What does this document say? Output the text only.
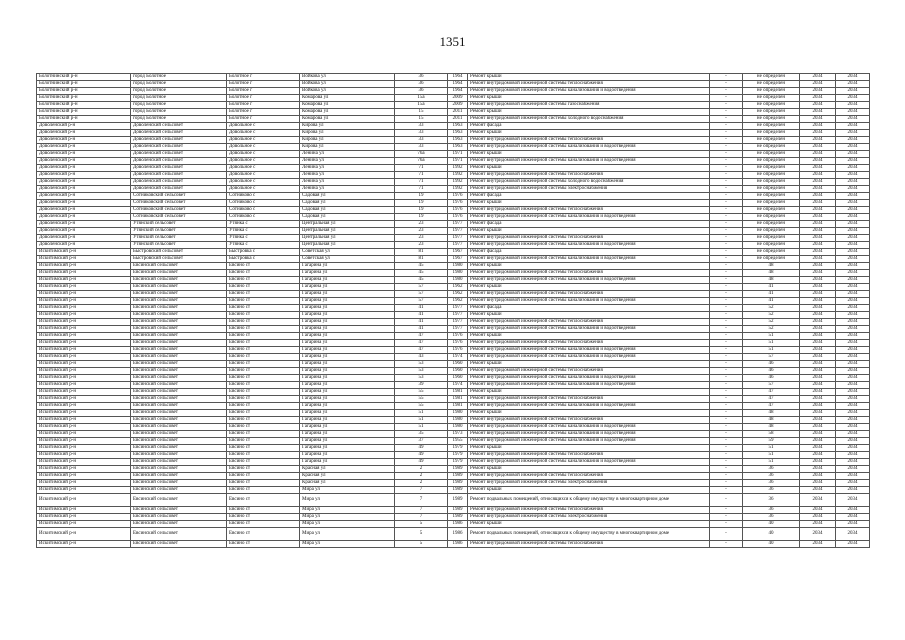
1351
Болотнинский р-н	город Болотное	Болотное г	Войкова ул	36	1964	Ремонт крыши	-	не определен	2034	2034
Болотнинский р-н	город Болотное	Болотное г	Войкова ул	36	1964	Ремонт внутридомовой инженерной системы теплоснабжения	-	не определен	2034	2034
Болотнинский р-н	город Болотное	Болотное г	Войкова ул	36	1964	Ремонт внутридомовой инженерной системы канализования и водоотведения	-	не определен	2034	2034
Болотнинский р-н	город Болотное	Болотное г	Комарова ул	15а	2009	Ремонт крыши	-	не определен	2034	2034
Болотнинский р-н	город Болотное	Болотное г	Комарова ул	15а	2009	Ремонт внутридомовой инженерной системы газоснабжения	-	не определен	2034	2034
Болотнинский р-н	город Болотное	Болотное г	Комарова ул	15	2011	Ремонт крыши	-	не определен	2034	2034
Болотнинский р-н	город Болотное	Болотное г	Комарова ул	15	2011	Ремонт внутридомовой инженерной системы холодного водоснабжения	-	не определен	2034	2034
Доволенский р-н	Доволенский сельсовет	Довольное с	Кирова ул	33	1963	Ремонт фасада	-	не определен	2034	2034
Доволенский р-н	Доволенский сельсовет	Довольное с	Кирова ул	33	1963	Ремонт крыши	-	не определен	2034	2034
Доволенский р-н	Доволенский сельсовет	Довольное с	Кирова ул	33	1963	Ремонт внутридомовой инженерной системы теплоснабжения	-	не определен	2034	2034
Доволенский р-н	Доволенский сельсовет	Довольное с	Кирова ул	33	1963	Ремонт внутридомовой инженерной системы канализования и водоотведения	-	не определен	2034	2034
Доволенский р-н	Доволенский сельсовет	Довольное с	Ленина ул	76а	1971	Ремонт крыши	-	не определен	2034	2034
Доволенский р-н	Доволенский сельсовет	Довольное с	Ленина ул	76а	1971	Ремонт внутридомовой инженерной системы канализования и водоотведения	-	не определен	2034	2034
Доволенский р-н	Доволенский сельсовет	Довольное с	Ленина ул	71	1992	Ремонт крыши	-	не определен	2034	2034
Доволенский р-н	Доволенский сельсовет	Довольное с	Ленина ул	71	1992	Ремонт внутридомовой инженерной системы теплоснабжения	-	не определен	2034	2034
Доволенский р-н	Доволенский сельсовет	Довольное с	Ленина ул	71	1992	Ремонт внутридомовой инженерной системы холодного водоснабжения	-	не определен	2034	2034
Доволенский р-н	Доволенский сельсовет	Довольное с	Ленина ул	71	1992	Ремонт внутридомовой инженерной системы электроснабжения	-	не определен	2034	2034
Доволенский р-н	Сотниковский сельсовет	Сотниково с	Садовая ул	19	1976	Ремонт фасада	-	не определен	2034	2034
Доволенский р-н	Сотниковский сельсовет	Сотниково с	Садовая ул	19	1976	Ремонт крыши	-	не определен	2034	2034
Доволенский р-н	Сотниковский сельсовет	Сотниково с	Садовая ул	19	1976	Ремонт внутридомовой инженерной системы теплоснабжения	-	не определен	2034	2034
Доволенский р-н	Сотниковский сельсовет	Сотниково с	Садовая ул	19	1976	Ремонт внутридомовой инженерной системы канализования и водоотведения	-	не определен	2034	2034
Доволенский р-н	Утянский сельсовет	Утянка с	Центральная ул	23	1977	Ремонт фасада	-	не определен	2034	2034
Доволенский р-н	Утянский сельсовет	Утянка с	Центральная ул	23	1977	Ремонт крыши	-	не определен	2034	2034
Доволенский р-н	Утянский сельсовет	Утянка с	Центральная ул	23	1977	Ремонт внутридомовой инженерной системы теплоснабжения	-	не определен	2034	2034
Доволенский р-н	Утянский сельсовет	Утянка с	Центральная ул	23	1977	Ремонт внутридомовой инженерной системы канализования и водоотведения	-	не определен	2034	2034
Искитимский р-н	Быстровский сельсовет	Быстровка с	Советская ул	81	1967	Ремонт фасада	-	не определен	2034	2034
Искитимский р-н	Быстровский сельсовет	Быстровка с	Советская ул	81	1967	Ремонт внутридомовой инженерной системы канализования и водоотведения	-	не определен	2034	2034
Искитимский р-н	Евсинский сельсовет	Евсино ст	Гагарина ул	45	1980	Ремонт крыши	-	48	2034	2034
Искитимский р-н	Евсинский сельсовет	Евсино ст	Гагарина ул	45	1980	Ремонт внутридомовой инженерной системы теплоснабжения	-	48	2034	2034
Искитимский р-н	Евсинский сельсовет	Евсино ст	Гагарина ул	45	1980	Ремонт внутридомовой инженерной системы канализования и водоотведения	-	48	2034	2034
Искитимский р-н	Евсинский сельсовет	Евсино ст	Гагарина ул	57	1962	Ремонт крыши	-	41	2034	2034
Искитимский р-н	Евсинский сельсовет	Евсино ст	Гагарина ул	57	1962	Ремонт внутридомовой инженерной системы теплоснабжения	-	41	2034	2034
Искитимский р-н	Евсинский сельсовет	Евсино ст	Гагарина ул	57	1962	Ремонт внутридомовой инженерной системы канализования и водоотведения	-	41	2034	2034
Искитимский р-н	Евсинский сельсовет	Евсино ст	Гагарина ул	41	1977	Ремонт фасада	-	52	2034	2034
Искитимский р-н	Евсинский сельсовет	Евсино ст	Гагарина ул	41	1977	Ремонт крыши	-	52	2034	2034
Искитимский р-н	Евсинский сельсовет	Евсино ст	Гагарина ул	41	1977	Ремонт внутридомовой инженерной системы теплоснабжения	-	52	2034	2034
Искитимский р-н	Евсинский сельсовет	Евсино ст	Гагарина ул	41	1977	Ремонт внутридомовой инженерной системы канализования и водоотведения	-	52	2034	2034
Искитимский р-н	Евсинский сельсовет	Евсино ст	Гагарина ул	47	1976	Ремонт крыши	-	51	2034	2034
Искитимский р-н	Евсинский сельсовет	Евсино ст	Гагарина ул	47	1976	Ремонт внутридомовой инженерной системы теплоснабжения	-	51	2034	2034
Искитимский р-н	Евсинский сельсовет	Евсино ст	Гагарина ул	47	1976	Ремонт внутридомовой инженерной системы канализования и водоотведения	-	51	2034	2034
Искитимский р-н	Евсинский сельсовет	Евсино ст	Гагарина ул	43	1974	Ремонт внутридомовой инженерной системы канализования и водоотведения	-	57	2034	2034
Искитимский р-н	Евсинский сельсовет	Евсино ст	Гагарина ул	53	1960	Ремонт крыши	-	46	2034	2034
Искитимский р-н	Евсинский сельсовет	Евсино ст	Гагарина ул	53	1960	Ремонт внутридомовой инженерной системы теплоснабжения	-	46	2034	2034
Искитимский р-н	Евсинский сельсовет	Евсино ст	Гагарина ул	53	1960	Ремонт внутридомовой инженерной системы канализования и водоотведения	-	46	2034	2034
Искитимский р-н	Евсинский сельсовет	Евсино ст	Гагарина ул	39	1974	Ремонт внутридомовой инженерной системы канализования и водоотведения	-	57	2034	2034
Искитимский р-н	Евсинский сельсовет	Евсино ст	Гагарина ул	55	1981	Ремонт крыши	-	47	2034	2034
Искитимский р-н	Евсинский сельсовет	Евсино ст	Гагарина ул	55	1981	Ремонт внутридомовой инженерной системы теплоснабжения	-	47	2034	2034
Искитимский р-н	Евсинский сельсовет	Евсино ст	Гагарина ул	55	1981	Ремонт внутридомовой инженерной системы канализования и водоотведения	-	47	2034	2034
Искитимский р-н	Евсинский сельсовет	Евсино ст	Гагарина ул	51	1980	Ремонт крыши	-	48	2034	2034
Искитимский р-н	Евсинский сельсовет	Евсино ст	Гагарина ул	51	1980	Ремонт внутридомовой инженерной системы теплоснабжения	-	48	2034	2034
Искитимский р-н	Евсинский сельсовет	Евсино ст	Гагарина ул	51	1980	Ремонт внутридомовой инженерной системы канализования и водоотведения	-	48	2034	2034
Искитимский р-н	Евсинский сельсовет	Евсино ст	Гагарина ул	35	1973	Ремонт внутридомовой инженерной системы канализования и водоотведения	-	58	2034	2034
Искитимский р-н	Евсинский сельсовет	Евсино ст	Гагарина ул	37	1955	Ремонт внутридомовой инженерной системы канализования и водоотведения	-	59	2034	2034
Искитимский р-н	Евсинский сельсовет	Евсино ст	Гагарина ул	49	1979	Ремонт крыши	-	51	2034	2034
Искитимский р-н	Евсинский сельсовет	Евсино ст	Гагарина ул	49	1979	Ремонт внутридомовой инженерной системы теплоснабжения	-	51	2034	2034
Искитимский р-н	Евсинский сельсовет	Евсино ст	Гагарина ул	49	1979	Ремонт внутридомовой инженерной системы канализования и водоотведения	-	51	2034	2034
Искитимский р-н	Евсинский сельсовет	Евсино ст	Красная ул	2	1989	Ремонт крыши	-	36	2034	2034
Искитимский р-н	Евсинский сельсовет	Евсино ст	Красная ул	2	1989	Ремонт внутридомовой инженерной системы теплоснабжения	-	36	2034	2034
Искитимский р-н	Евсинский сельсовет	Евсино ст	Красная ул	2	1989	Ремонт внутридомовой инженерной системы электроснабжения	-	36	2034	2034
Искитимский р-н	Евсинский сельсовет	Евсино ст	Мира ул	7	1989	Ремонт крыши	-	36	2034	2034
Искитимский р-н	Евсинский сельсовет	Евсино ст	Мира ул	7	1989	Ремонт подвальных помещений, относящихся к общему имуществу в многоквартирном доме	-	36	2034	2034
Искитимский р-н	Евсинский сельсовет	Евсино ст	Мира ул	7	1989	Ремонт внутридомовой инженерной системы теплоснабжения	-	36	2034	2034
Искитимский р-н	Евсинский сельсовет	Евсино ст	Мира ул	7	1989	Ремонт внутридомовой инженерной системы электроснабжения	-	36	2034	2034
Искитимский р-н	Евсинский сельсовет	Евсино ст	Мира ул	5	1986	Ремонт крыши	-	40	2034	2034
Искитимский р-н	Евсинский сельсовет	Евсино ст	Мира ул	5	1986	Ремонт подвальных помещений, относящихся к общему имуществу в многоквартирном доме	-	40	2034	2034
Искитимский р-н	Евсинский сельсовет	Евсино ст	Мира ул	5	1986	Ремонт внутридомовой инженерной системы теплоснабжения	-	40	2034	2034
